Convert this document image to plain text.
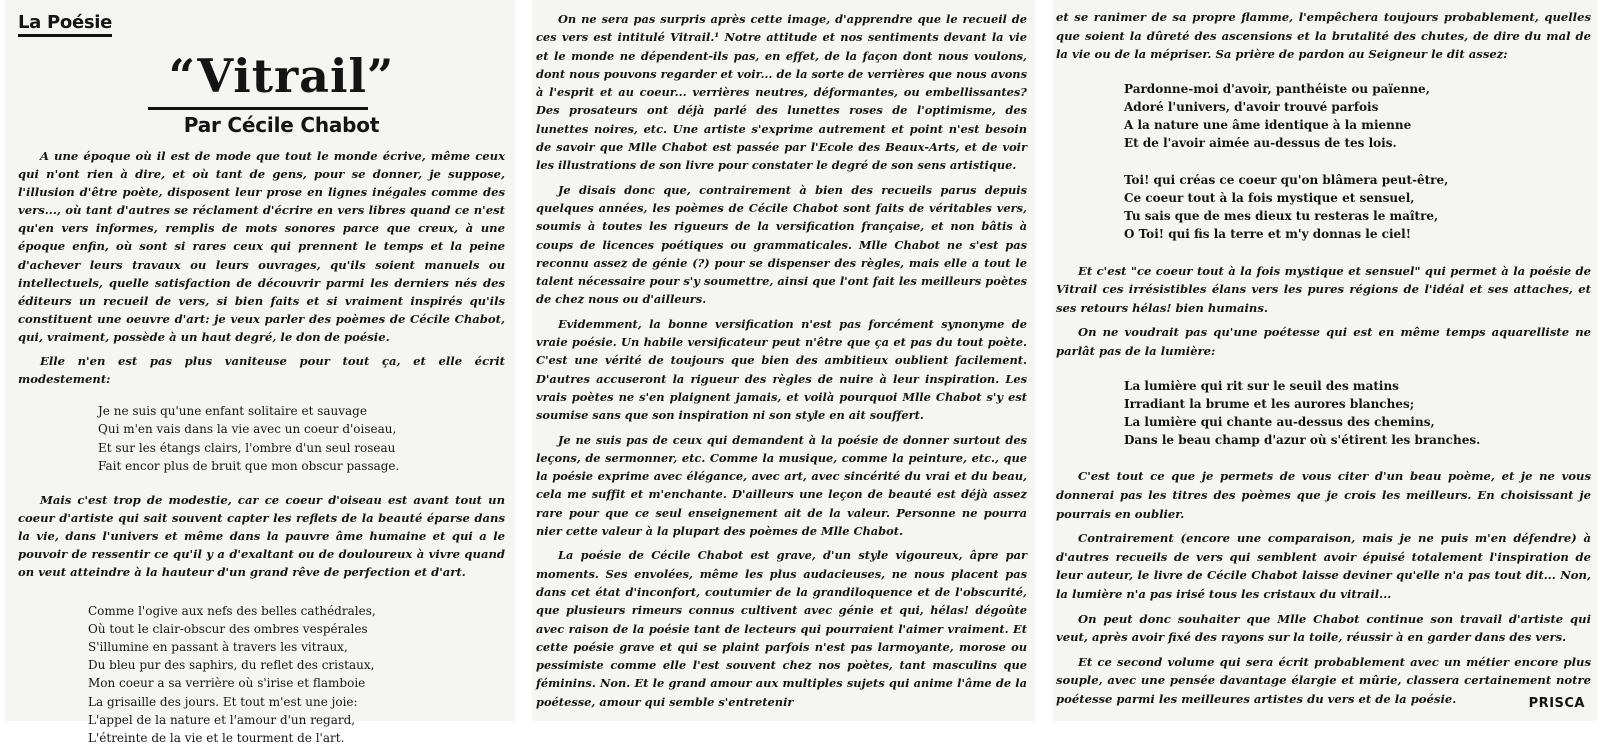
La Poésie
“Vitrail”
Par Cécile Chabot

A une époque où il est de mode que tout le monde écrive, même ceux qui n'ont rien à dire, et où tant de gens, pour se donner, je suppose, l'illusion d'être poète, disposent leur prose en lignes inégales comme des vers..., où tant d'autres se réclament d'écrire en vers libres quand ce n'est qu'en vers informes, remplis de mots sonores parce que creux, à une époque enfin, où sont si rares ceux qui prennent le temps et la peine d'achever leurs travaux ou leurs ouvrages, qu'ils soient manuels ou intellectuels, quelle satisfaction de découvrir parmi les derniers nés des éditeurs un recueil de vers, si bien faits et si vraiment inspirés qu'ils constituent une oeuvre d'art: je veux parler des poèmes de Cécile Chabot, qui, vraiment, possède à un haut degré, le don de poésie.

Elle n'en est pas plus vaniteuse pour tout ça, et elle écrit modestement:

Je ne suis qu'une enfant solitaire et sauvage
Qui m'en vais dans la vie avec un coeur d'oiseau,
Et sur les étangs clairs, l'ombre d'un seul roseau
Fait encor plus de bruit que mon obscur passage.

Mais c'est trop de modestie, car ce coeur d'oiseau est avant tout un coeur d'artiste qui sait souvent capter les reflets de la beauté éparse dans la vie, dans l'univers et même dans la pauvre âme humaine et qui a le pouvoir de ressentir ce qu'il y a d'exaltant ou de douloureux à vivre quand on veut atteindre à la hauteur d'un grand rêve de perfection et d'art.

Comme l'ogive aux nefs des belles cathédrales,
Où tout le clair-obscur des ombres vespérales
S'illumine en passant à travers les vitraux,
Du bleu pur des saphirs, du reflet des cristaux,
Mon coeur a sa verrière où s'irise et flamboie
La grisaille des jours. Et tout m'est une joie:
L'appel de la nature et l'amour d'un regard,
L'étreinte de la vie et le tourment de l'art.

On ne sera pas surpris après cette image, d'apprendre que le recueil de ces vers est intitulé Vitrail.¹ Notre attitude et nos sentiments devant la vie et le monde ne dépendent-ils pas, en effet, de la façon dont nous voulons, dont nous pouvons regarder et voir... de la sorte de verrières que nous avons à l'esprit et au coeur... verrières neutres, déformantes, ou embellissantes? Des prosateurs ont déjà parlé des lunettes roses de l'optimisme, des lunettes noires, etc. Une artiste s'exprime autrement et point n'est besoin de savoir que Mlle Chabot est passée par l'Ecole des Beaux-Arts, et de voir les illustrations de son livre pour constater le degré de son sens artistique.

Je disais donc que, contrairement à bien des recueils parus depuis quelques années, les poèmes de Cécile Chabot sont faits de véritables vers, soumis à toutes les rigueurs de la versification française, et non bâtis à coups de licences poétiques ou grammaticales. Mlle Chabot ne s'est pas reconnu assez de génie (?) pour se dispenser des règles, mais elle a tout le talent nécessaire pour s'y soumettre, ainsi que l'ont fait les meilleurs poètes de chez nous ou d'ailleurs.

Evidemment, la bonne versification n'est pas forcément synonyme de vraie poésie. Un habile versificateur peut n'être que ça et pas du tout poète. C'est une vérité de toujours que bien des ambitieux oublient facilement. D'autres accuseront la rigueur des règles de nuire à leur inspiration. Les vrais poètes ne s'en plaignent jamais, et voilà pourquoi Mlle Chabot s'y est soumise sans que son inspiration ni son style en ait souffert.

Je ne suis pas de ceux qui demandent à la poésie de donner surtout des leçons, de sermonner, etc. Comme la musique, comme la peinture, etc., que la poésie exprime avec élégance, avec art, avec sincérité du vrai et du beau, cela me suffit et m'enchante. D'ailleurs une leçon de beauté est déjà assez rare pour que ce seul enseignement ait de la valeur. Personne ne pourra nier cette valeur à la plupart des poèmes de Mlle Chabot.

La poésie de Cécile Chabot est grave, d'un style vigoureux, âpre par moments. Ses envolées, même les plus audacieuses, ne nous placent pas dans cet état d'inconfort, coutumier de la grandiloquence et de l'obscurité, que plusieurs rimeurs connus cultivent avec génie et qui, hélas! dégoûte avec raison de la poésie tant de lecteurs qui pourraient l'aimer vraiment. Et cette poésie grave et qui se plaint parfois n'est pas larmoyante, morose ou pessimiste comme elle l'est souvent chez nos poètes, tant masculins que féminins. Non. Et le grand amour aux multiples sujets qui anime l'âme de la poétesse, amour qui semble s'entretenir

et se ranimer de sa propre flamme, l'empêchera toujours probablement, quelles que soient la dûreté des ascensions et la brutalité des chutes, de dire du mal de la vie ou de la mépriser. Sa prière de pardon au Seigneur le dit assez:

Pardonne-moi d'avoir, panthéiste ou païenne,
Adoré l'univers, d'avoir trouvé parfois
A la nature une âme identique à la mienne
Et de l'avoir aimée au-dessus de tes lois.

Toi! qui créas ce coeur qu'on blâmera peut-être,
Ce coeur tout à la fois mystique et sensuel,
Tu sais que de mes dieux tu resteras le maître,
O Toi! qui fis la terre et m'y donnas le ciel!

Et c'est "ce coeur tout à la fois mystique et sensuel" qui permet à la poésie de Vitrail ces irrésistibles élans vers les pures régions de l'idéal et ses attaches, et ses retours hélas! bien humains.

On ne voudrait pas qu'une poétesse qui est en même temps aquarelliste ne parlât pas de la lumière:

La lumière qui rit sur le seuil des matins
Irradiant la brume et les aurores blanches;
La lumière qui chante au-dessus des chemins,
Dans le beau champ d'azur où s'étirent les branches.

C'est tout ce que je permets de vous citer d'un beau poème, et je ne vous donnerai pas les titres des poèmes que je crois les meilleurs. En choisissant je pourrais en oublier.

Contrairement (encore une comparaison, mais je ne puis m'en défendre) à d'autres recueils de vers qui semblent avoir épuisé totalement l'inspiration de leur auteur, le livre de Cécile Chabot laisse deviner qu'elle n'a pas tout dit... Non, la lumière n'a pas irisé tous les cristaux du vitrail...

On peut donc souhaiter que Mlle Chabot continue son travail d'artiste qui veut, après avoir fixé des rayons sur la toile, réussir à en garder dans des vers.

Et ce second volume qui sera écrit probablement avec un métier encore plus souple, avec une pensée davantage élargie et mûrie, classera certainement notre poétesse parmi les meilleures artistes du vers et de la poésie.	PRISCA
